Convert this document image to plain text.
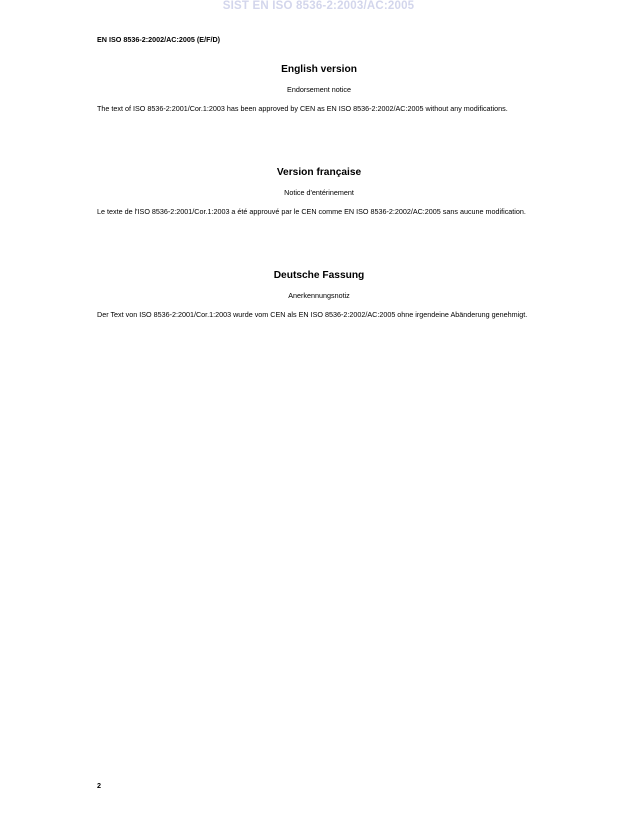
SIST EN ISO 8536-2:2003/AC:2005
EN ISO 8536-2:2002/AC:2005 (E/F/D)

English version

Endorsement notice

The text of ISO 8536-2:2001/Cor.1:2003 has been approved by CEN as EN ISO 8536-2:2002/AC:2005 without any modifications.

Version française

Notice d'entérinement

Le texte de l'ISO 8536-2:2001/Cor.1:2003 a été approuvé par le CEN comme EN ISO 8536-2:2002/AC:2005 sans aucune modification.

Deutsche Fassung

Anerkennungsnotiz

Der Text von ISO 8536-2:2001/Cor.1:2003 wurde vom CEN als EN ISO 8536-2:2002/AC:2005 ohne irgendeine Abänderung genehmigt.

2
